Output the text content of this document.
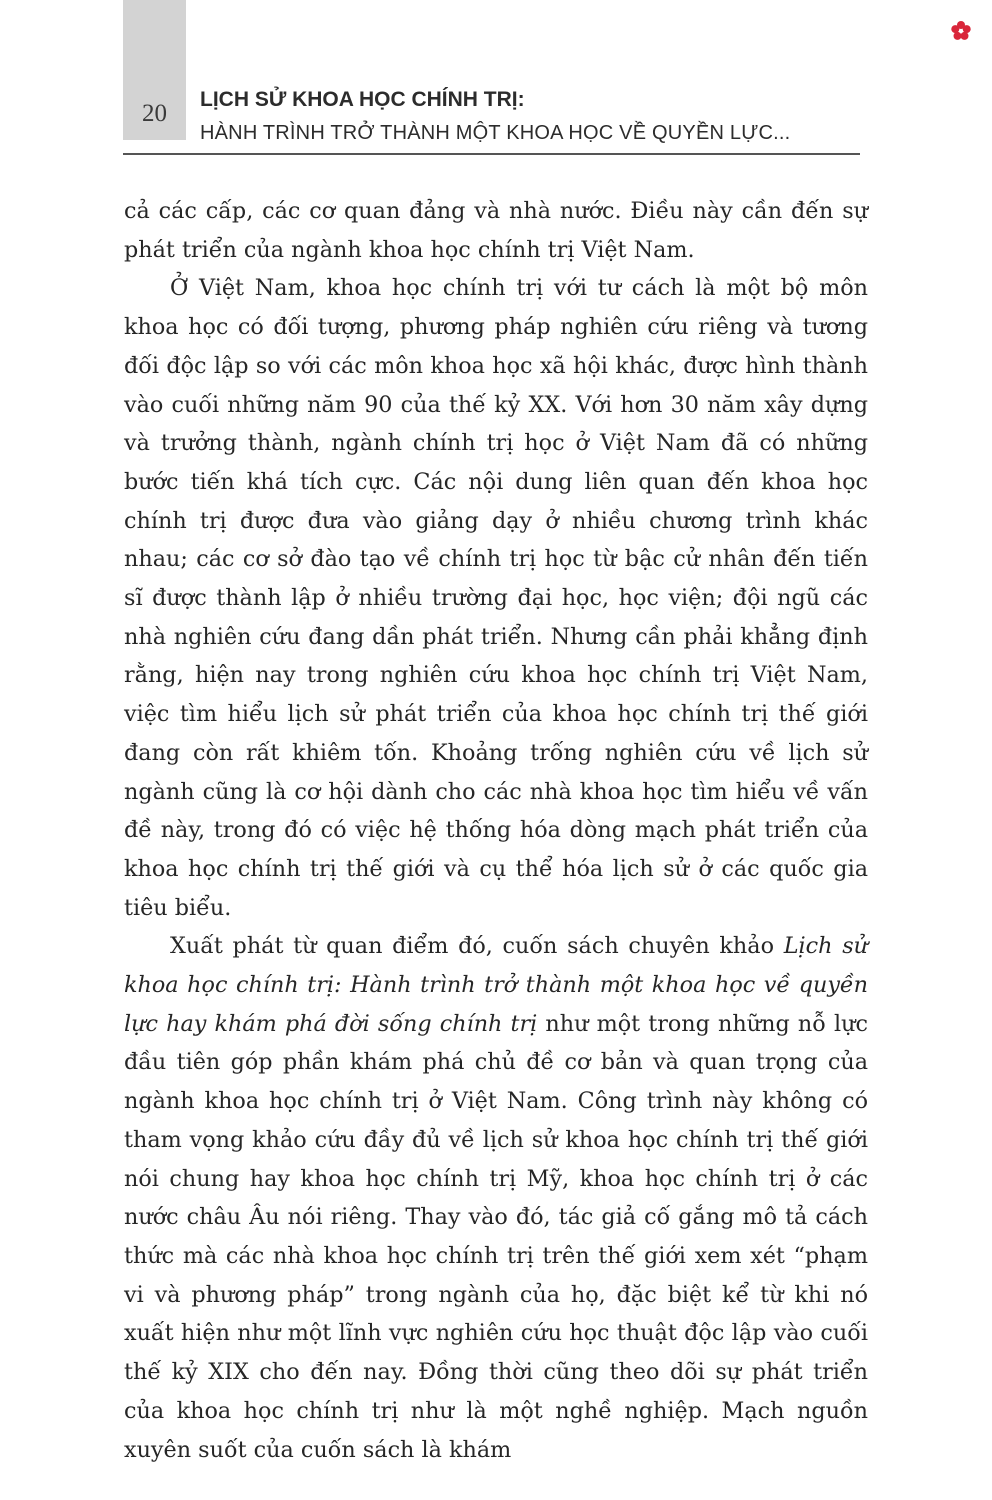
20
LỊCH SỬ KHOA HỌC CHÍNH TRỊ:
HÀNH TRÌNH TRỞ THÀNH MỘT KHOA HỌC VỀ QUYỀN LỰC...

cả các cấp, các cơ quan đảng và nhà nước. Điều này cần đến sự phát triển của ngành khoa học chính trị Việt Nam.

Ở Việt Nam, khoa học chính trị với tư cách là một bộ môn khoa học có đối tượng, phương pháp nghiên cứu riêng và tương đối độc lập so với các môn khoa học xã hội khác, được hình thành vào cuối những năm 90 của thế kỷ XX. Với hơn 30 năm xây dựng và trưởng thành, ngành chính trị học ở Việt Nam đã có những bước tiến khá tích cực. Các nội dung liên quan đến khoa học chính trị được đưa vào giảng dạy ở nhiều chương trình khác nhau; các cơ sở đào tạo về chính trị học từ bậc cử nhân đến tiến sĩ được thành lập ở nhiều trường đại học, học viện; đội ngũ các nhà nghiên cứu đang dần phát triển. Nhưng cần phải khẳng định rằng, hiện nay trong nghiên cứu khoa học chính trị Việt Nam, việc tìm hiểu lịch sử phát triển của khoa học chính trị thế giới đang còn rất khiêm tốn. Khoảng trống nghiên cứu về lịch sử ngành cũng là cơ hội dành cho các nhà khoa học tìm hiểu về vấn đề này, trong đó có việc hệ thống hóa dòng mạch phát triển của khoa học chính trị thế giới và cụ thể hóa lịch sử ở các quốc gia tiêu biểu.

Xuất phát từ quan điểm đó, cuốn sách chuyên khảo Lịch sử khoa học chính trị: Hành trình trở thành một khoa học về quyền lực hay khám phá đời sống chính trị như một trong những nỗ lực đầu tiên góp phần khám phá chủ đề cơ bản và quan trọng của ngành khoa học chính trị ở Việt Nam. Công trình này không có tham vọng khảo cứu đầy đủ về lịch sử khoa học chính trị thế giới nói chung hay khoa học chính trị Mỹ, khoa học chính trị ở các nước châu Âu nói riêng. Thay vào đó, tác giả cố gắng mô tả cách thức mà các nhà khoa học chính trị trên thế giới xem xét “phạm vi và phương pháp” trong ngành của họ, đặc biệt kể từ khi nó xuất hiện như một lĩnh vực nghiên cứu học thuật độc lập vào cuối thế kỷ XIX cho đến nay. Đồng thời cũng theo dõi sự phát triển của khoa học chính trị như là một nghề nghiệp. Mạch nguồn xuyên suốt của cuốn sách là khám
